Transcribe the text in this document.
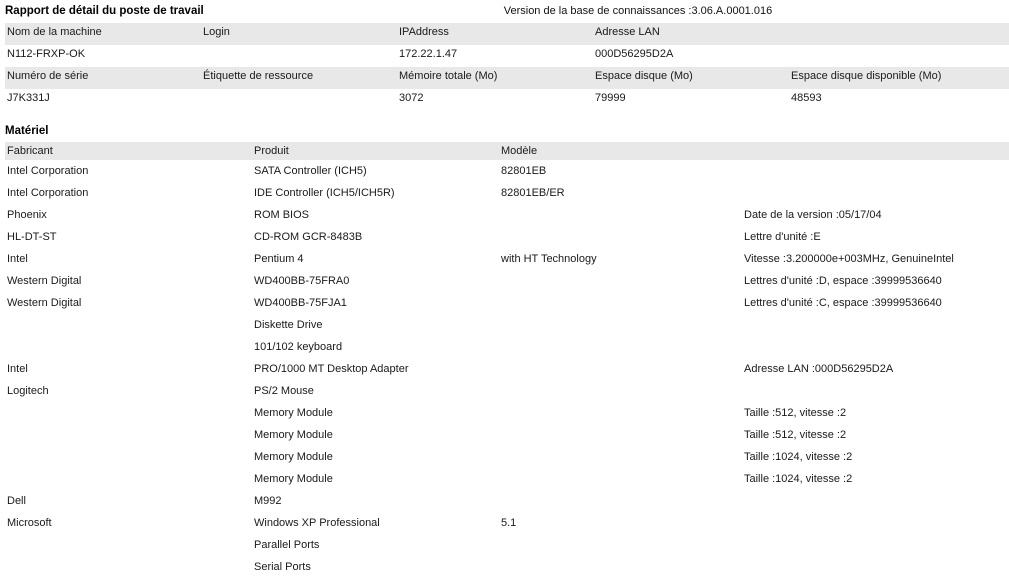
Rapport de détail du poste de travail	Version de la base de connaissances :3.06.A.0001.016
Nom de la machine	Login	IPAddress	Adresse LAN	
N112-FRXP-OK		172.22.1.47	000D56295D2A	
Numéro de série	Étiquette de ressource	Mémoire totale (Mo)	Espace disque (Mo)	Espace disque disponible (Mo)
J7K331J		3072	79999	48593
Matériel
Fabricant	Produit	Modèle	
Intel Corporation	SATA Controller (ICH5)	82801EB	
Intel Corporation	IDE Controller (ICH5/ICH5R)	82801EB/ER	
Phoenix	ROM BIOS		Date de la version :05/17/04
HL-DT-ST	CD-ROM GCR-8483B		Lettre d'unité :E
Intel	Pentium 4	with HT Technology	Vitesse :3.200000e+003MHz, GenuineIntel
Western Digital	WD400BB-75FRA0		Lettres d'unité :D, espace :39999536640
Western Digital	WD400BB-75FJA1		Lettres d'unité :C, espace :39999536640
	Diskette Drive		
	101/102 keyboard		
Intel	PRO/1000 MT Desktop Adapter		Adresse LAN :000D56295D2A
Logitech	PS/2 Mouse		
	Memory Module		Taille :512, vitesse :2
	Memory Module		Taille :512, vitesse :2
	Memory Module		Taille :1024, vitesse :2
	Memory Module		Taille :1024, vitesse :2
Dell	M992		
Microsoft	Windows XP Professional	5.1	
	Parallel Ports		
	Serial Ports		
